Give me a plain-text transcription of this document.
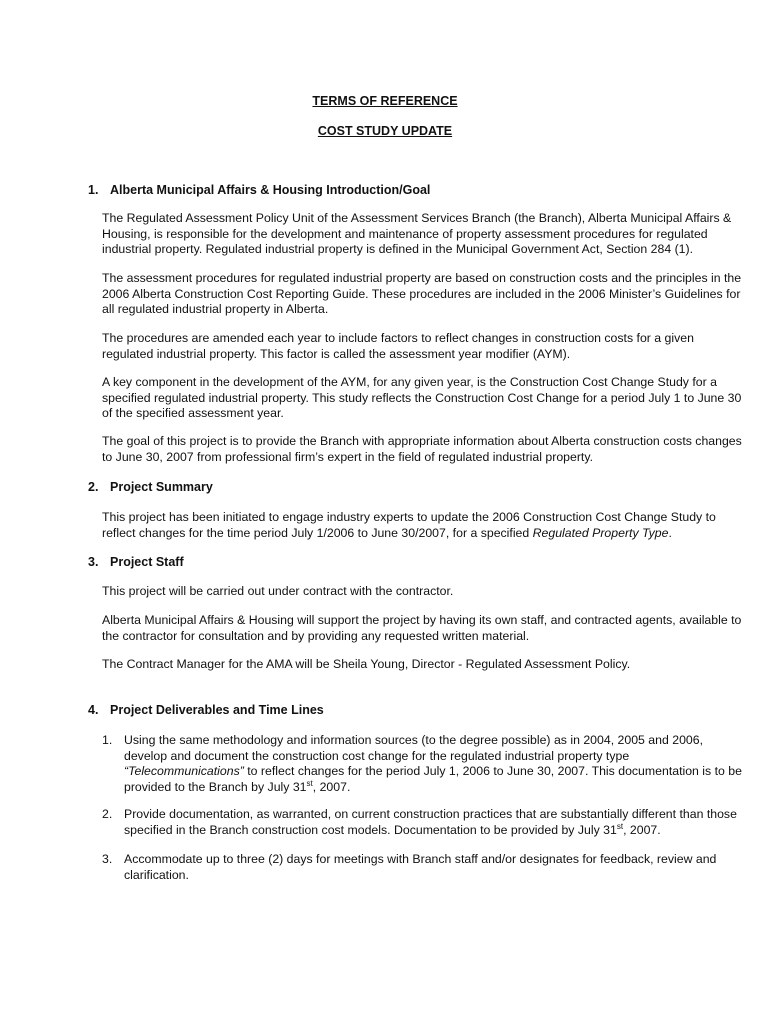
TERMS OF REFERENCE
COST STUDY UPDATE
1. Alberta Municipal Affairs & Housing Introduction/Goal

The Regulated Assessment Policy Unit of the Assessment Services Branch (the Branch), Alberta Municipal Affairs & Housing, is responsible for the development and maintenance of property assessment procedures for regulated industrial property. Regulated industrial property is defined in the Municipal Government Act, Section 284 (1).

The assessment procedures for regulated industrial property are based on construction costs and the principles in the 2006 Alberta Construction Cost Reporting Guide. These procedures are included in the 2006 Minister’s Guidelines for all regulated industrial property in Alberta.

The procedures are amended each year to include factors to reflect changes in construction costs for a given regulated industrial property. This factor is called the assessment year modifier (AYM).

A key component in the development of the AYM, for any given year, is the Construction Cost Change Study for a specified regulated industrial property. This study reflects the Construction Cost Change for a period July 1 to June 30 of the specified assessment year.

The goal of this project is to provide the Branch with appropriate information about Alberta construction costs changes to June 30, 2007 from professional firm’s expert in the field of regulated industrial property.

2. Project Summary

This project has been initiated to engage industry experts to update the 2006 Construction Cost Change Study to reflect changes for the time period July 1/2006 to June 30/2007, for a specified Regulated Property Type.

3. Project Staff

This project will be carried out under contract with the contractor.

Alberta Municipal Affairs & Housing will support the project by having its own staff, and contracted agents, available to the contractor for consultation and by providing any requested written material.

The Contract Manager for the AMA will be Sheila Young, Director - Regulated Assessment Policy.

4. Project Deliverables and Time Lines
1. Using the same methodology and information sources (to the degree possible) as in 2004, 2005 and 2006, develop and document the construction cost change for the regulated industrial property type “Telecommunications” to reflect changes for the period July 1, 2006 to June 30, 2007. This documentation is to be provided to the Branch by July 31st, 2007.

2. Provide documentation, as warranted, on current construction practices that are substantially different than those specified in the Branch construction cost models. Documentation to be provided by July 31st, 2007.

3. Accommodate up to three (2) days for meetings with Branch staff and/or designates for feedback, review and clarification.
